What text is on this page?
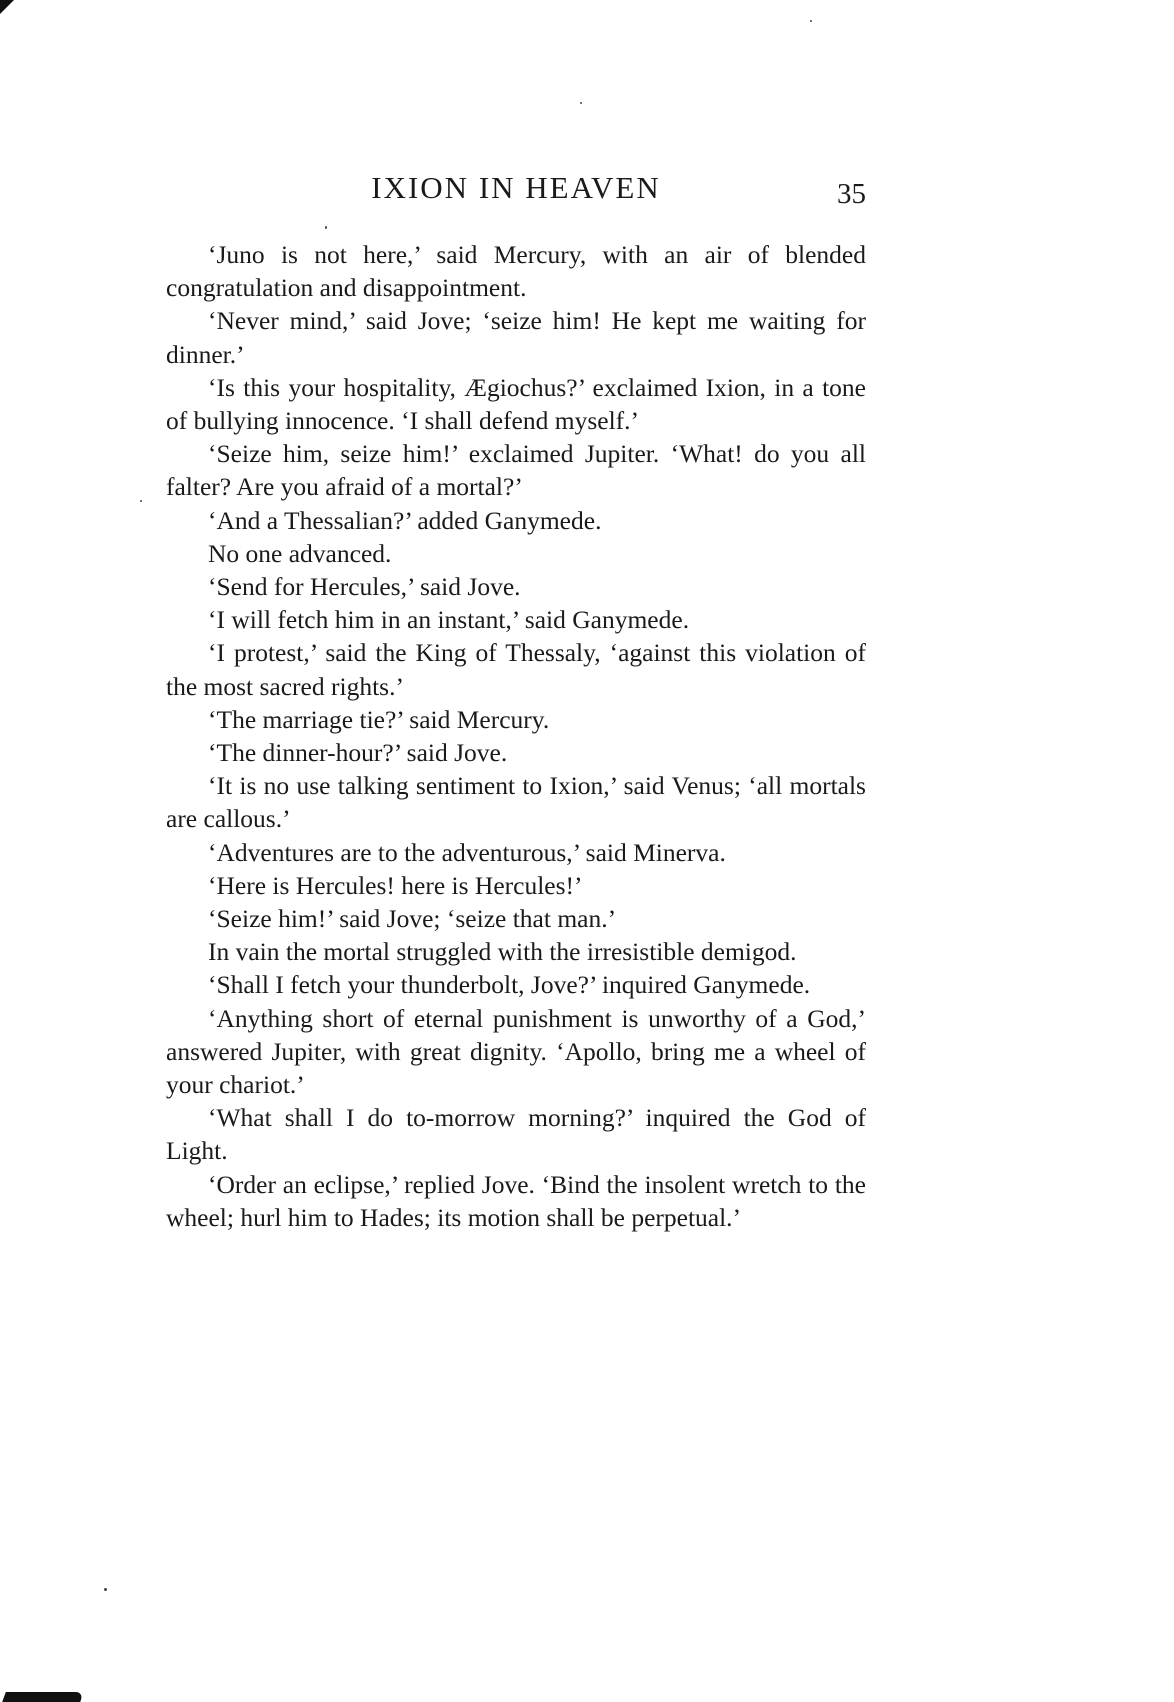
IXION IN HEAVEN	35

‘Juno is not here,’ said Mercury, with an air of blended congratulation and disappointment.

‘Never mind,’ said Jove; ‘seize him! He kept me waiting for dinner.’

‘Is this your hospitality, Ægiochus?’ exclaimed Ixion, in a tone of bullying innocence. ‘I shall defend myself.’

‘Seize him, seize him!’ exclaimed Jupiter. ‘What! do you all falter? Are you afraid of a mortal?’

‘And a Thessalian?’ added Ganymede.

No one advanced.

‘Send for Hercules,’ said Jove.

‘I will fetch him in an instant,’ said Ganymede.

‘I protest,’ said the King of Thessaly, ‘against this violation of the most sacred rights.’

‘The marriage tie?’ said Mercury.

‘The dinner-hour?’ said Jove.

‘It is no use talking sentiment to Ixion,’ said Venus; ‘all mortals are callous.’

‘Adventures are to the adventurous,’ said Minerva.

‘Here is Hercules! here is Hercules!’

‘Seize him!’ said Jove; ‘seize that man.’

In vain the mortal struggled with the irresistible demigod.

‘Shall I fetch your thunderbolt, Jove?’ inquired Ganymede.

‘Anything short of eternal punishment is unworthy of a God,’ answered Jupiter, with great dignity. ‘Apollo, bring me a wheel of your chariot.’

‘What shall I do to-morrow morning?’ inquired the God of Light.

‘Order an eclipse,’ replied Jove. ‘Bind the insolent wretch to the wheel; hurl him to Hades; its motion shall be perpetual.’
